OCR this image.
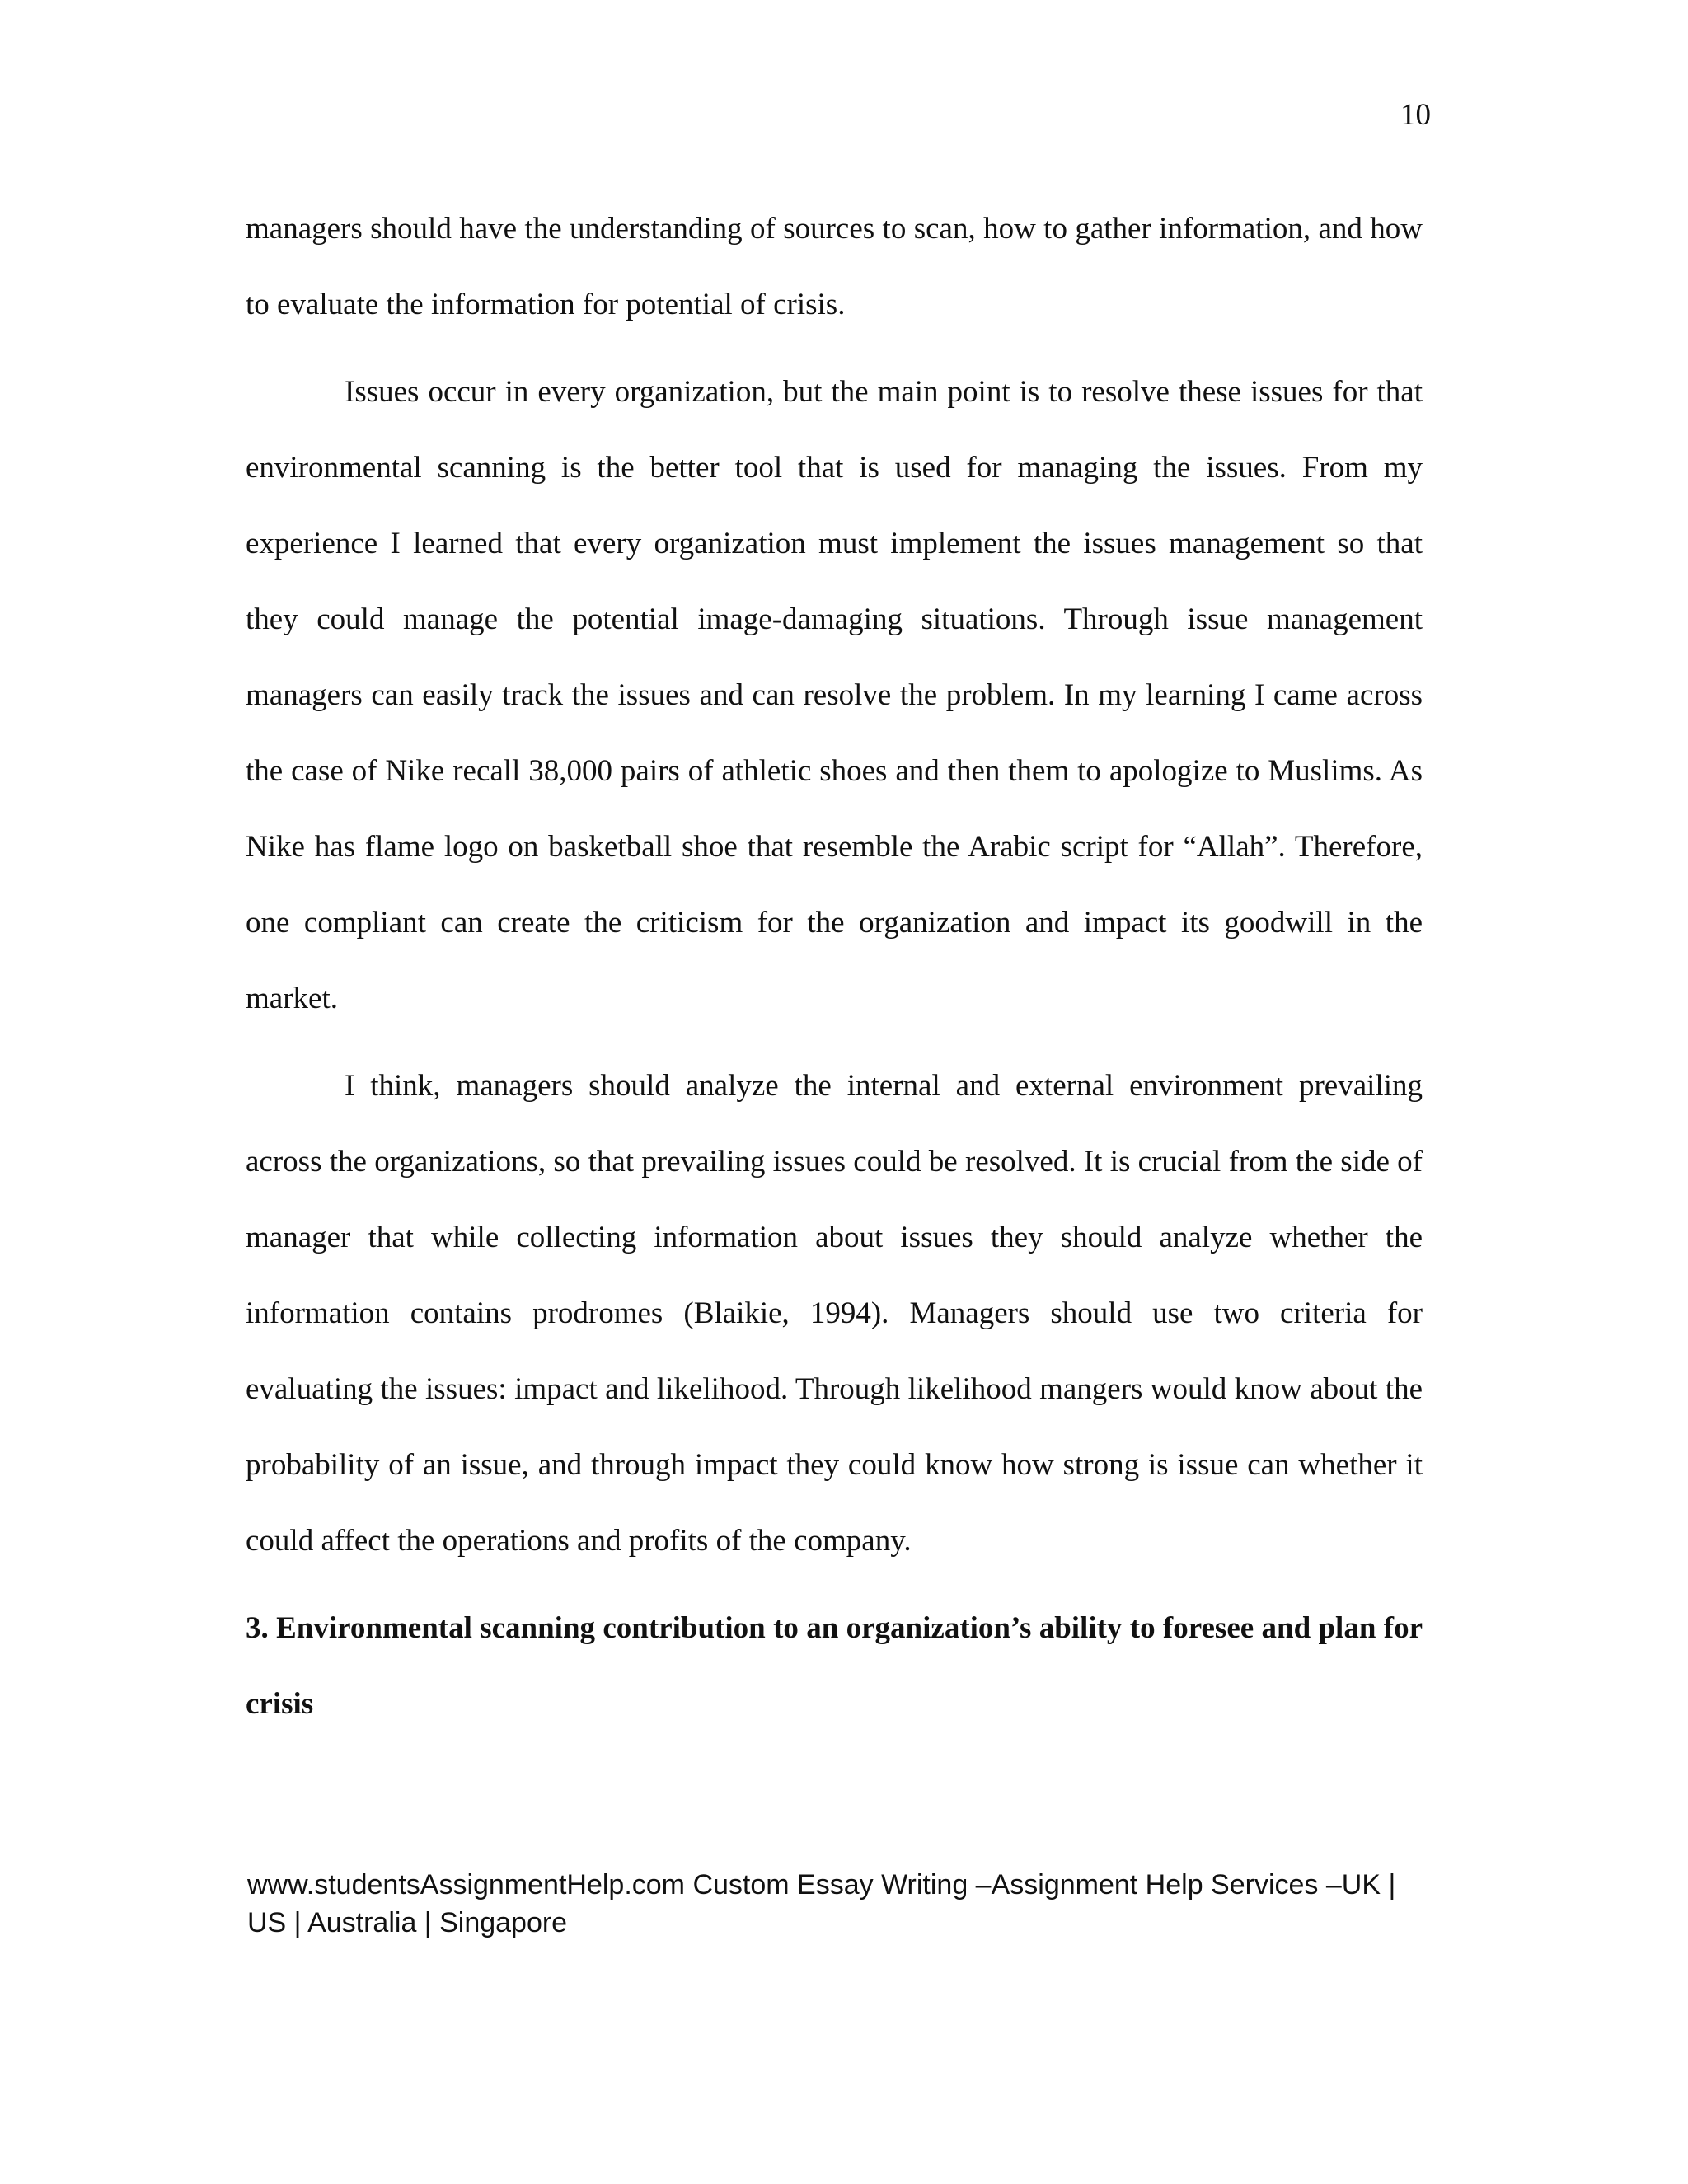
10

managers should have the understanding of sources to scan, how to gather information, and how to evaluate the information for potential of crisis.

Issues occur in every organization, but the main point is to resolve these issues for that environmental scanning is the better tool that is used for managing the issues. From my experience I learned that every organization must implement the issues management so that they could manage the potential image-damaging situations. Through issue management managers can easily track the issues and can resolve the problem. In my learning I came across the case of Nike recall 38,000 pairs of athletic shoes and then them to apologize to Muslims. As Nike has flame logo on basketball shoe that resemble the Arabic script for “Allah”. Therefore, one compliant can create the criticism for the organization and impact its goodwill in the market.

I think, managers should analyze the internal and external environment prevailing across the organizations, so that prevailing issues could be resolved. It is crucial from the side of manager that while collecting information about issues they should analyze whether the information contains prodromes (Blaikie, 1994). Managers should use two criteria for evaluating the issues: impact and likelihood. Through likelihood mangers would know about the probability of an issue, and through impact they could know how strong is issue can whether it could affect the operations and profits of the company.

3. Environmental scanning contribution to an organization’s ability to foresee and plan for crisis

www.studentsAssignmentHelp.com Custom Essay Writing –Assignment Help Services –UK | US | Australia | Singapore
